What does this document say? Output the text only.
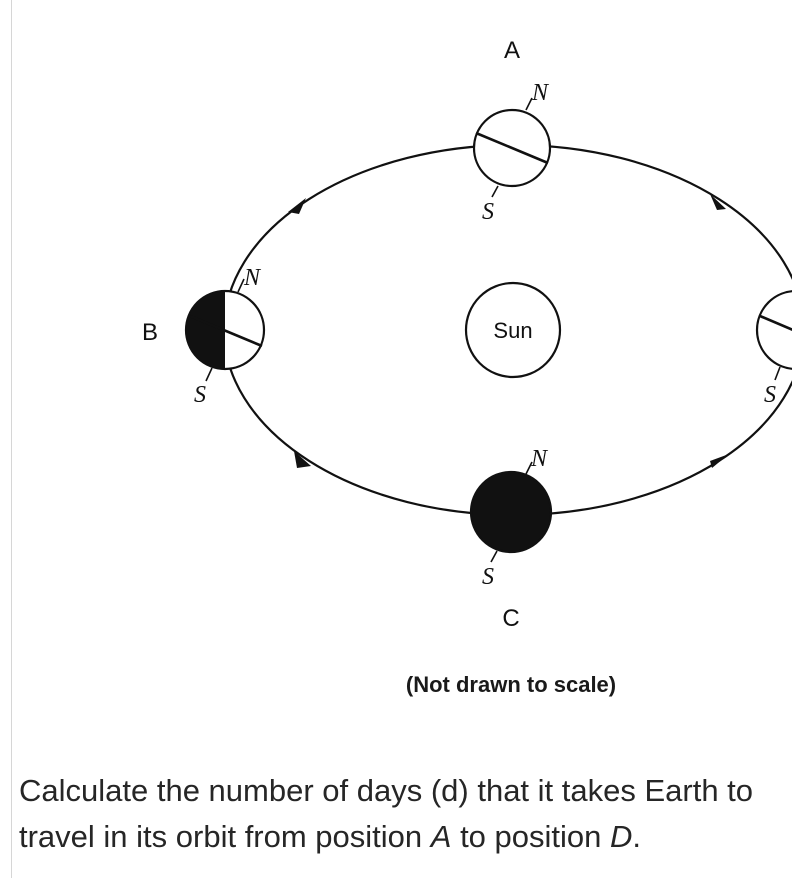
Sun
A
N
S
B
N
S
C
N
S
S
(Not drawn to scale)
Calculate the number of days (d) that it takes Earth to travel in its orbit from position A to position D.
